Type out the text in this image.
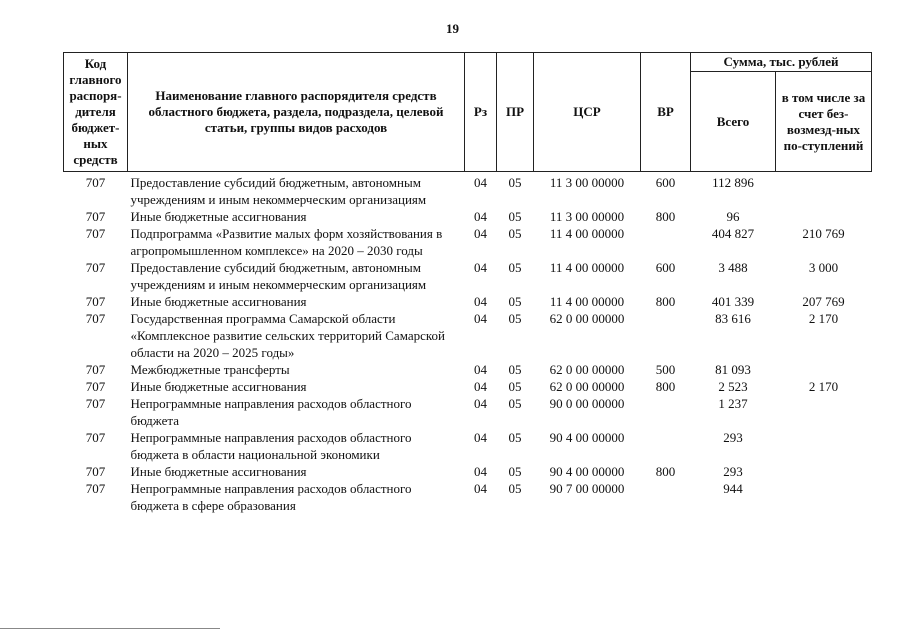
19
Код главного распоря-дителя бюджет-ных средств	Наименование главного распорядителя средств областного бюджета, раздела, подраздела, целевой статьи, группы видов расходов	Рз	ПР	ЦСР	ВР	Сумма, тыс. рублей	
						Всего	в том числе за счет без-возмезд-ных по-ступлений
707	Предоставление субсидий бюджетным, автономным учреждениям и иным некоммерческим организациям	04	05	11 3 00 00000	600	112 896	
707	Иные бюджетные ассигнования	04	05	11 3 00 00000	800	96	
707	Подпрограмма «Развитие малых форм хозяйствования в агропромышленном комплексе» на 2020 – 2030 годы	04	05	11 4 00 00000		404 827	210 769
707	Предоставление субсидий бюджетным, автономным учреждениям и иным некоммерческим организациям	04	05	11 4 00 00000	600	3 488	3 000
707	Иные бюджетные ассигнования	04	05	11 4 00 00000	800	401 339	207 769
707	Государственная программа Самарской области «Комплексное развитие сельских территорий Самарской области на 2020 – 2025 годы»	04	05	62 0 00 00000		83 616	2 170
707	Межбюджетные трансферты	04	05	62 0 00 00000	500	81 093	
707	Иные бюджетные ассигнования	04	05	62 0 00 00000	800	2 523	2 170
707	Непрограммные направления расходов областного бюджета	04	05	90 0 00 00000		1 237	
707	Непрограммные направления расходов областного бюджета в области национальной экономики	04	05	90 4 00 00000		293	
707	Иные бюджетные ассигнования	04	05	90 4 00 00000	800	293	
707	Непрограммные направления расходов областного бюджета в сфере образования	04	05	90 7 00 00000		944	
